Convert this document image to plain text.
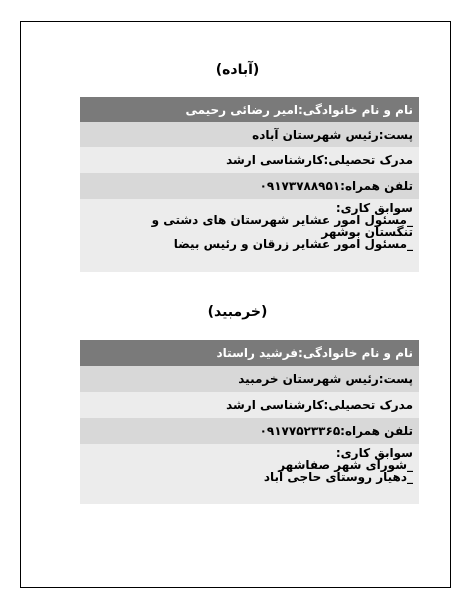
(آباده)
نام و نام خانوادگی:امیر رضائی رحیمی
پست:رئیس شهرستان آباده
مدرک تحصیلی:کارشناسی ارشد
تلفن همراه:۰۹۱۷۳۷۸۸۹۵۱
سوابق کاری:
_مسئول امور عشایر شهرستان های دشتی و
تنگستان بوشهر
_مسئول امور عشایر زرقان و رئیس بیضا
(خرمبید)
نام و نام خانوادگی:فرشید راستاد
پست:رئیس شهرستان خرمبید
مدرک تحصیلی:کارشناسی ارشد
تلفن همراه:۰۹۱۷۷۵۲۳۳۶۵
سوابق کاری:
_شورای شهر صفاشهر
_دهیار روستای حاجی آباد
